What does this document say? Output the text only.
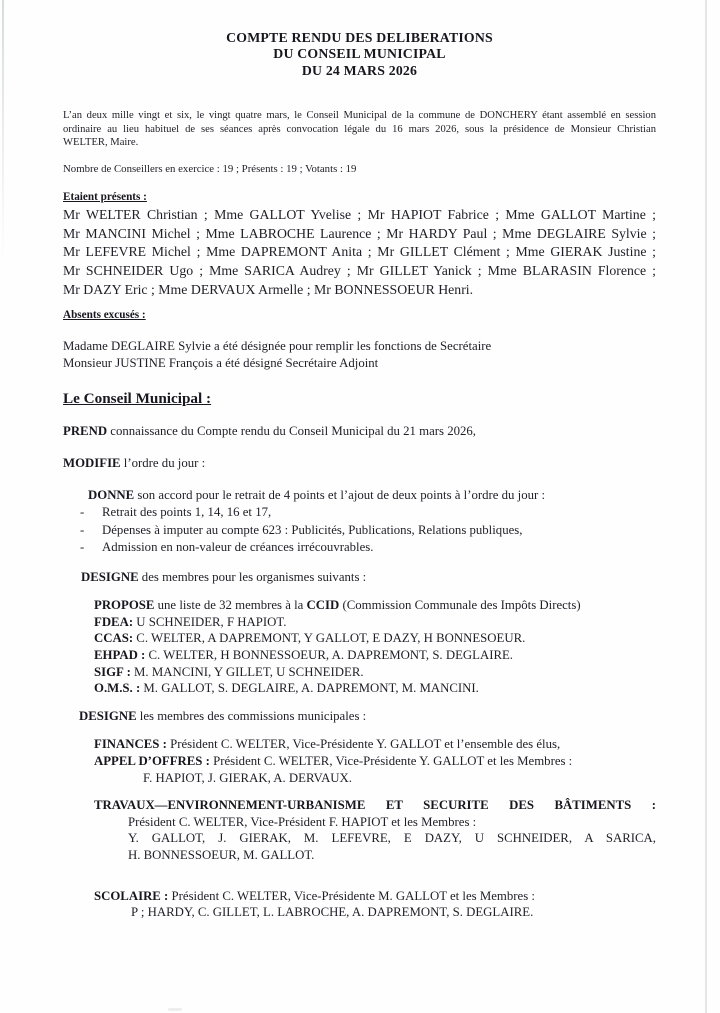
COMPTE RENDU DES DELIBERATIONS
DU CONSEIL MUNICIPAL
DU 24 MARS 2026
L’an deux mille vingt et six, le vingt quatre mars, le Conseil Municipal de la commune de DONCHERY étant assemblé en session
ordinaire au lieu habituel de ses séances après convocation légale du 16 mars 2026, sous la présidence de Monsieur Christian
WELTER, Maire.
Nombre de Conseillers en exercice : 19 ; Présents : 19 ; Votants : 19
Etaient présents :
Mr WELTER Christian ; Mme GALLOT Yvelise ; Mr HAPIOT Fabrice ; Mme GALLOT Martine ;
Mr MANCINI Michel ; Mme LABROCHE Laurence ; Mr HARDY Paul ; Mme DEGLAIRE Sylvie ;
Mr LEFEVRE Michel ; Mme DAPREMONT Anita ; Mr GILLET Clément ; Mme GIERAK Justine ;
Mr SCHNEIDER Ugo ; Mme SARICA Audrey ; Mr GILLET Yanick ; Mme BLARASIN Florence ;
Mr DAZY Eric ; Mme DERVAUX Armelle ; Mr BONNESSOEUR Henri.
Absents excusés :
Madame DEGLAIRE Sylvie a été désignée pour remplir les fonctions de Secrétaire
Monsieur JUSTINE François a été désigné Secrétaire Adjoint
Le Conseil Municipal :
PREND connaissance du Compte rendu du Conseil Municipal du 21 mars 2026,
MODIFIE l’ordre du jour :
DONNE son accord pour le retrait de 4 points et l’ajout de deux points à l’ordre du jour :
-	Retrait des points 1, 14, 16 et 17,
-	Dépenses à imputer au compte 623 : Publicités, Publications, Relations publiques,
-	Admission en non-valeur de créances irrécouvrables.
DESIGNE des membres pour les organismes suivants :
PROPOSE une liste de 32 membres à la CCID (Commission Communale des Impôts Directs)
FDEA: U SCHNEIDER, F HAPIOT.
CCAS: C. WELTER, A DAPREMONT, Y GALLOT, E DAZY, H BONNESOEUR.
EHPAD : C. WELTER, H BONNESSOEUR, A. DAPREMONT, S. DEGLAIRE.
SIGF : M. MANCINI, Y GILLET, U SCHNEIDER.
O.M.S. : M. GALLOT, S. DEGLAIRE, A. DAPREMONT, M. MANCINI.
DESIGNE les membres des commissions municipales :
FINANCES : Président C. WELTER, Vice-Présidente Y. GALLOT et l’ensemble des élus,
APPEL D’OFFRES : Président C. WELTER, Vice-Présidente Y. GALLOT et les Membres :
F. HAPIOT, J. GIERAK, A. DERVAUX.
TRAVAUX—ENVIRONNEMENT-URBANISME ET SECURITE DES BÂTIMENTS :
Président C. WELTER, Vice-Président F. HAPIOT et les Membres :
Y. GALLOT, J. GIERAK, M. LEFEVRE, E DAZY, U SCHNEIDER, A SARICA,
H. BONNESSOEUR, M. GALLOT.
SCOLAIRE : Président C. WELTER, Vice-Présidente M. GALLOT et les Membres :
P ; HARDY, C. GILLET, L. LABROCHE, A. DAPREMONT, S. DEGLAIRE.
